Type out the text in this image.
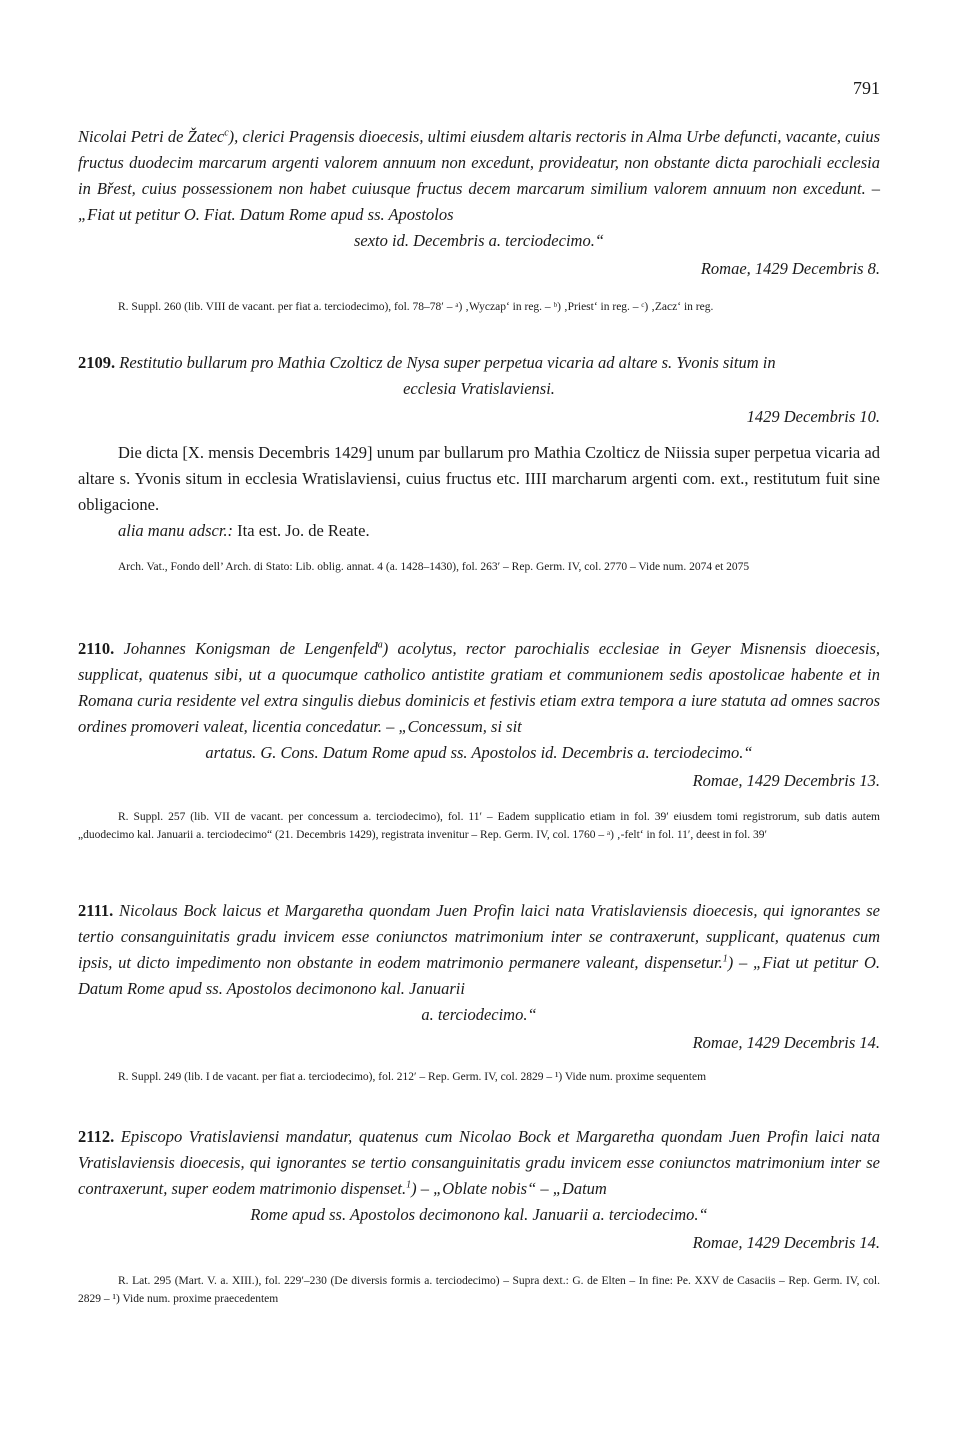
791

Nicolai Petri de Žatec$^c$), clerici Pragensis dioecesis, ultimi eiusdem altaris rectoris in Alma Urbe defuncti, vacante, cuius fructus duodecim marcarum argenti valorem annuum non excedunt, provideatur, non obstante dicta parochiali ecclesia in Břest, cuius possessionem non habet cuiusque fructus decem marcarum similium valorem annuum non excedunt. – „Fiat ut petitur O. Fiat. Datum Rome apud ss. Apostolos

sexto id. Decembris a. terciodecimo.“

Romae, 1429 Decembris 8.

R. Suppl. 260 (lib. VIII de vacant. per fiat a. terciodecimo), fol. 78–78′ – ᵃ) ‚Wyczap‘ in reg. – ᵇ) ‚Priest‘ in reg. – ᶜ) ‚Zacz‘ in reg.

2109. Restitutio bullarum pro Mathia Czolticz de Nysa super perpetua vicaria ad altare s. Yvonis situm in

ecclesia Vratislaviensi.

1429 Decembris 10.

Die dicta [X. mensis Decembris 1429] unum par bullarum pro Mathia Czolticz de Niissia super perpetua vicaria ad altare s. Yvonis situm in ecclesia Wratislaviensi, cuius fructus etc. IIII marcharum argenti com. ext., restitutum fuit sine obligacione.

alia manu adscr.: Ita est. Jo. de Reate.

Arch. Vat., Fondo dell’ Arch. di Stato: Lib. oblig. annat. 4 (a. 1428–1430), fol. 263′ – Rep. Germ. IV, col. 2770 – Vide num. 2074 et 2075

2110. Johannes Konigsman de Lengenfeld$^a$) acolytus, rector parochialis ecclesiae in Geyer Misnensis dioecesis, supplicat, quatenus sibi, ut a quocumque catholico antistite gratiam et communionem sedis apostolicae habente et in Romana curia residente vel extra singulis diebus dominicis et festivis etiam extra tempora a iure statuta ad omnes sacros ordines promoveri valeat, licentia concedatur. – „Concessum, si sit

artatus. G. Cons. Datum Rome apud ss. Apostolos id. Decembris a. terciodecimo.“

Romae, 1429 Decembris 13.

R. Suppl. 257 (lib. VII de vacant. per concessum a. terciodecimo), fol. 11′ – Eadem supplicatio etiam in fol. 39′ eiusdem tomi registrorum, sub datis autem „duodecimo kal. Januarii a. terciodecimo“ (21. Decembris 1429), registrata invenitur – Rep. Germ. IV, col. 1760 – ᵃ) ‚-felt‘ in fol. 11′, deest in fol. 39′

2111. Nicolaus Bock laicus et Margaretha quondam Juen Profin laici nata Vratislaviensis dioecesis, qui ignorantes se tertio consanguinitatis gradu invicem esse coniunctos matrimonium inter se contraxerunt, supplicant, quatenus cum ipsis, ut dicto impedimento non obstante in eodem matrimonio permanere valeant, dispensetur.$^1$) – „Fiat ut petitur O. Datum Rome apud ss. Apostolos decimonono kal. Januarii

a. terciodecimo.“

Romae, 1429 Decembris 14.

R. Suppl. 249 (lib. I de vacant. per fiat a. terciodecimo), fol. 212′ – Rep. Germ. IV, col. 2829 – ¹) Vide num. proxime sequentem

2112. Episcopo Vratislaviensi mandatur, quatenus cum Nicolao Bock et Margaretha quondam Juen Profin laici nata Vratislaviensis dioecesis, qui ignorantes se tertio consanguinitatis gradu invicem esse coniunctos matrimonium inter se contraxerunt, super eodem matrimonio dispenset.$^1$) – „Oblate nobis“ – „Datum

Rome apud ss. Apostolos decimonono kal. Januarii a. terciodecimo.“

Romae, 1429 Decembris 14.

R. Lat. 295 (Mart. V. a. XIII.), fol. 229′–230 (De diversis formis a. terciodecimo) – Supra dext.: G. de Elten – In fine: Pe. XXV de Casaciis – Rep. Germ. IV, col. 2829 – ¹) Vide num. proxime praecedentem
